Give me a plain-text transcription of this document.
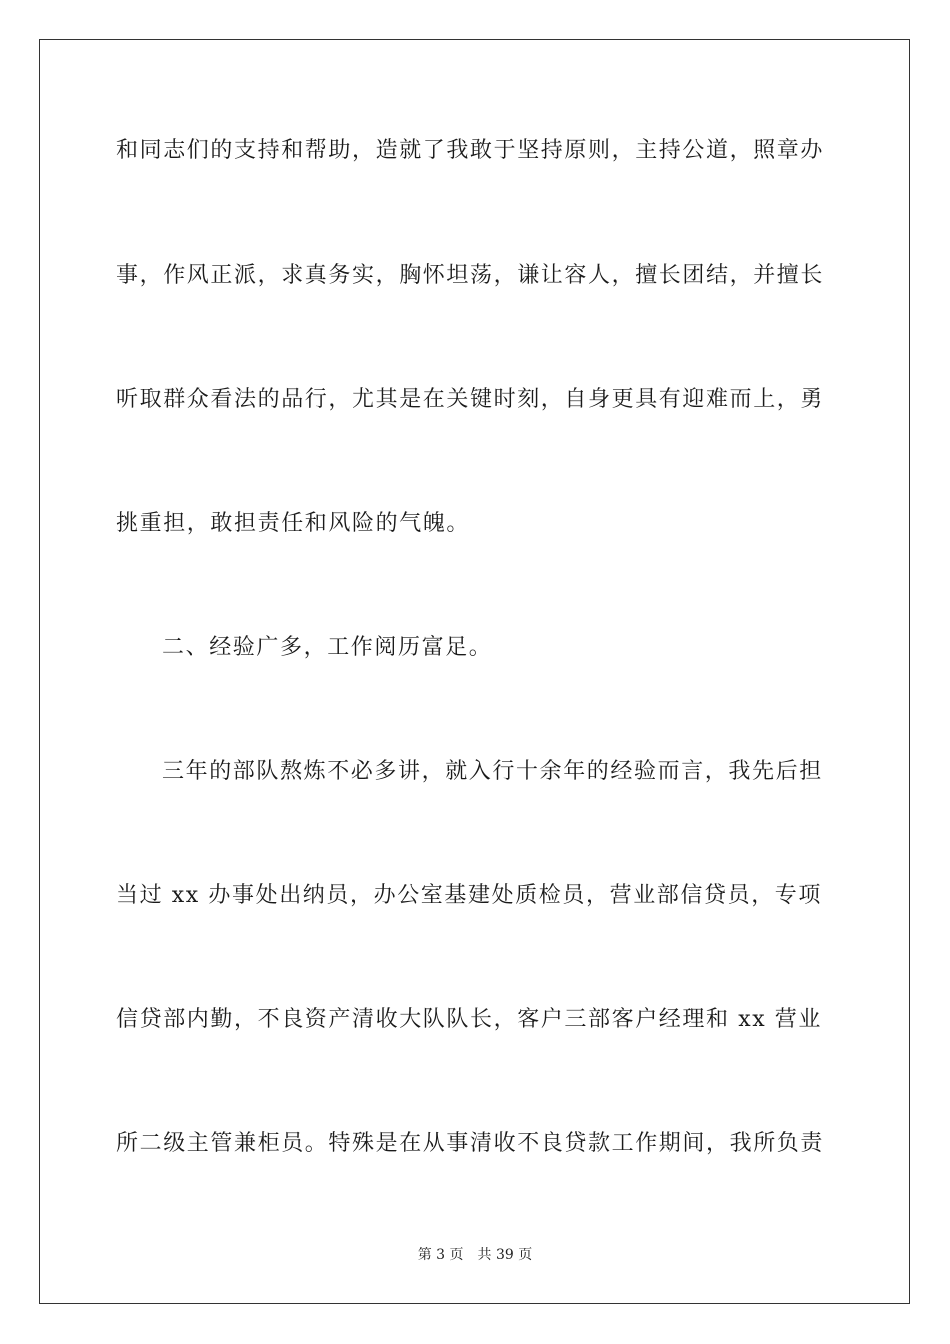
和同志们的支持和帮助，造就了我敢于坚持原则，主持公道，照章办
事，作风正派，求真务实，胸怀坦荡，谦让容人，擅长团结，并擅长
听取群众看法的品行，尤其是在关键时刻，自身更具有迎难而上，勇
挑重担，敢担责任和风险的气魄。
二、经验广多，工作阅历富足。
三年的部队熬炼不必多讲，就入行十余年的经验而言，我先后担
当过 xx 办事处出纳员，办公室基建处质检员，营业部信贷员，专项
信贷部内勤，不良资产清收大队队长，客户三部客户经理和 xx 营业
所二级主管兼柜员。特殊是在从事清收不良贷款工作期间，我所负责
第 3 页 共 39 页
